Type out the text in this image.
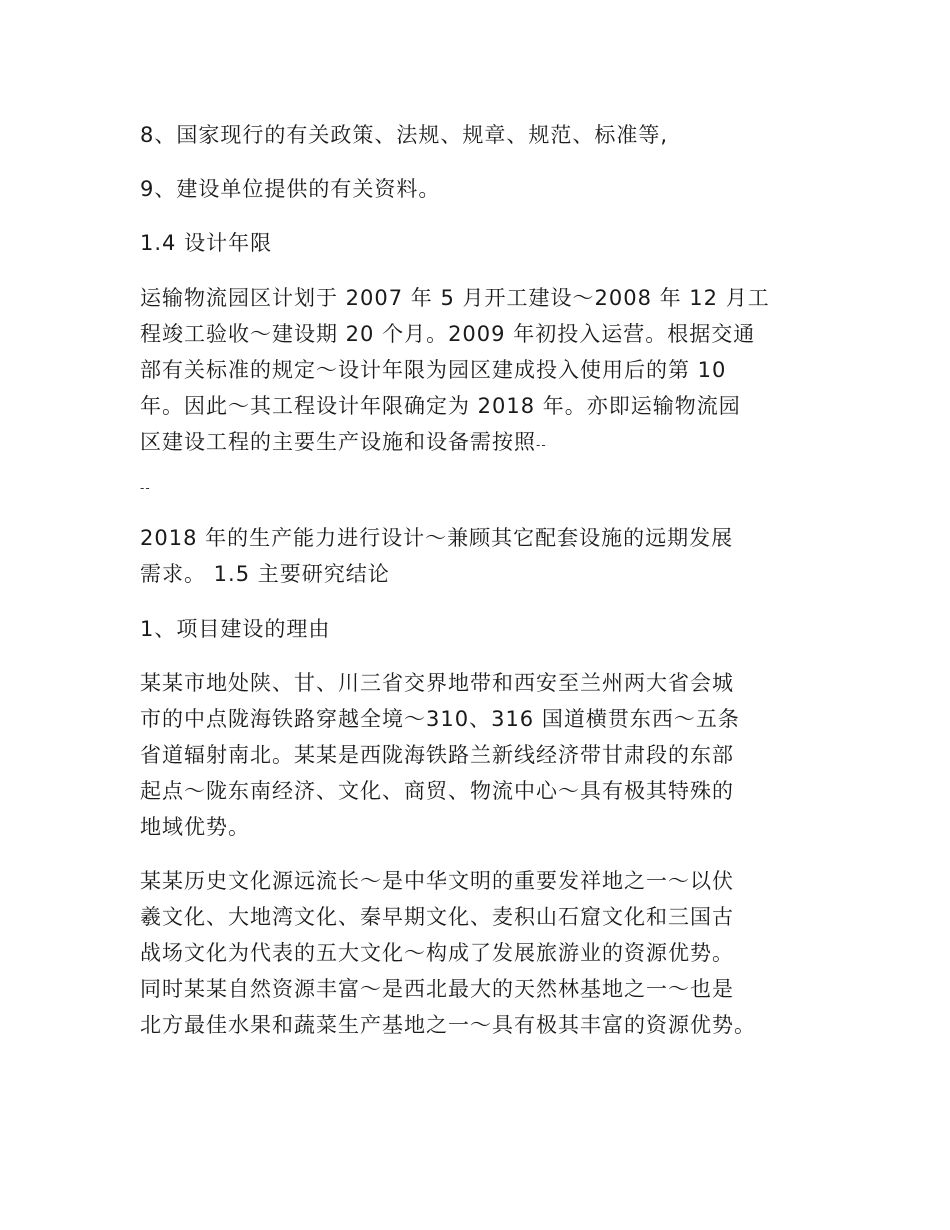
8、国家现行的有关政策、法规、规章、规范、标准等,

9、建设单位提供的有关资料。

1.4 设计年限

运输物流园区计划于 2007 年 5 月开工建设～2008 年 12 月工
程竣工验收～建设期 20 个月。2009 年初投入运营。根据交通
部有关标准的规定～设计年限为园区建成投入使用后的第 10
年。因此～其工程设计年限确定为 2018 年。亦即运输物流园
区建设工程的主要生产设施和设备需按照--

--

2018 年的生产能力进行设计～兼顾其它配套设施的远期发展
需求。 1.5 主要研究结论

1、项目建设的理由

某某市地处陕、甘、川三省交界地带和西安至兰州两大省会城
市的中点陇海铁路穿越全境～310、316 国道横贯东西～五条
省道辐射南北。某某是西陇海铁路兰新线经济带甘肃段的东部
起点～陇东南经济、文化、商贸、物流中心～具有极其特殊的
地域优势。

某某历史文化源远流长～是中华文明的重要发祥地之一～以伏
羲文化、大地湾文化、秦早期文化、麦积山石窟文化和三国古
战场文化为代表的五大文化～构成了发展旅游业的资源优势。
同时某某自然资源丰富～是西北最大的天然林基地之一～也是
北方最佳水果和蔬菜生产基地之一～具有极其丰富的资源优势。
